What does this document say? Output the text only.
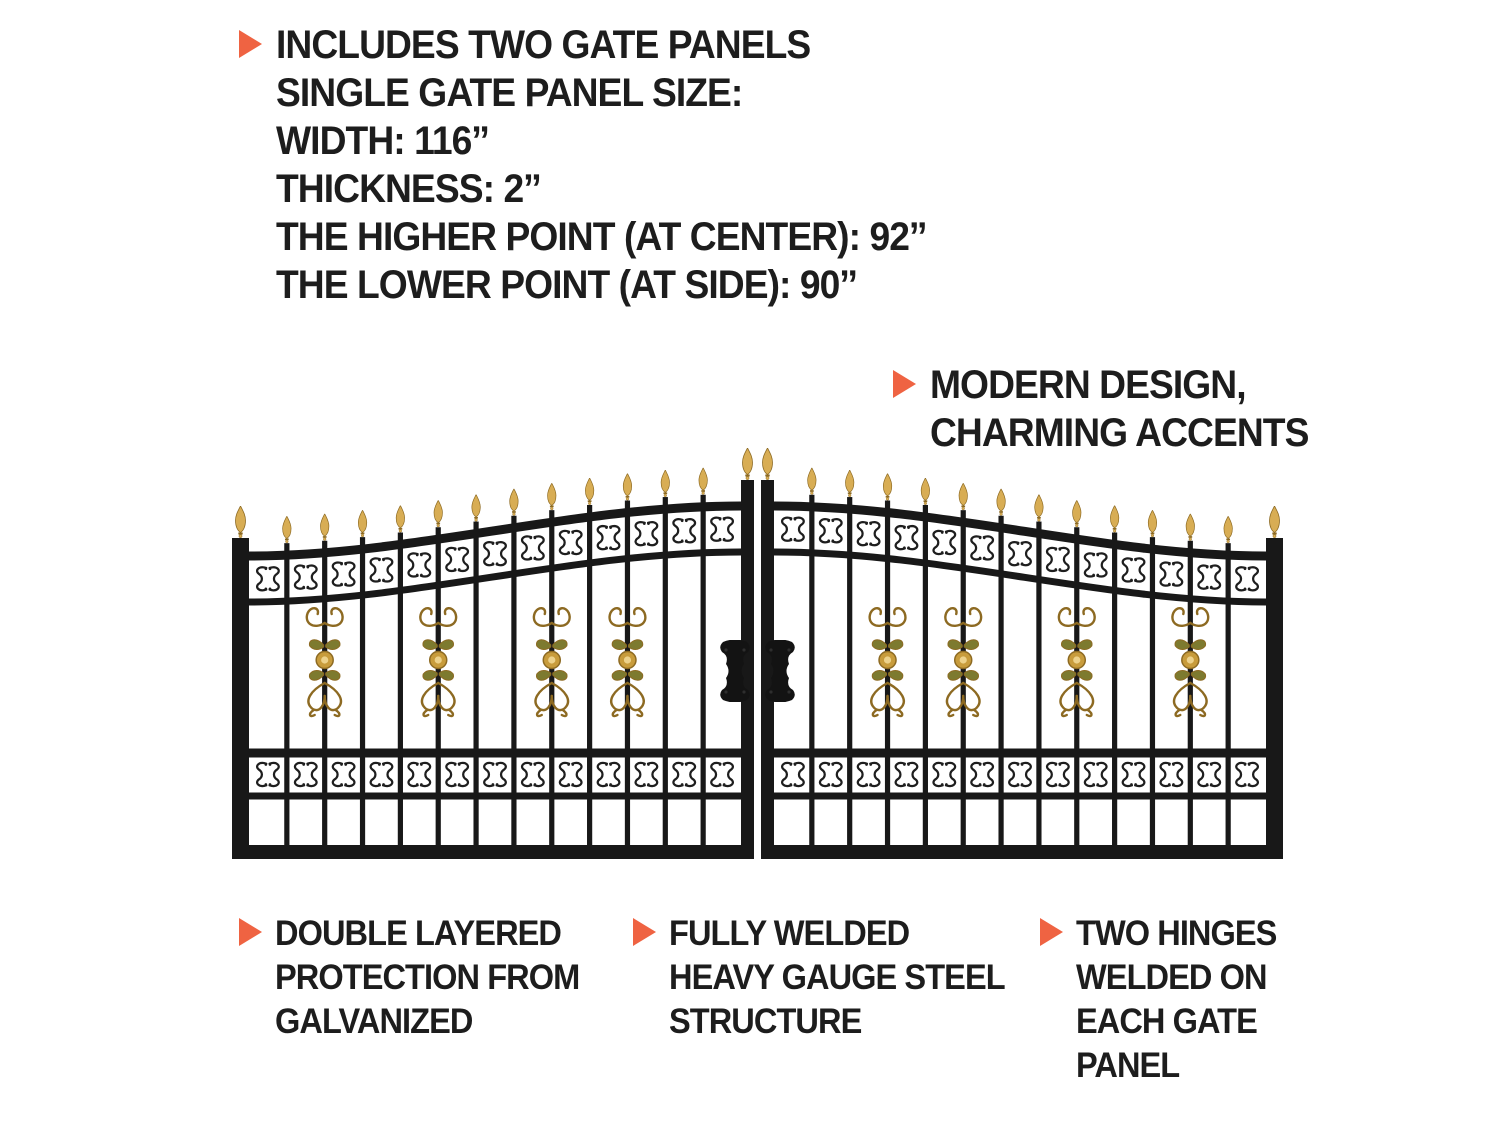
INCLUDES TWO GATE PANELS
SINGLE GATE PANEL SIZE:
WIDTH: 116’’
THICKNESS: 2’’
THE HIGHER POINT (AT CENTER): 92’’
THE LOWER POINT (AT SIDE): 90’’
MODERN DESIGN,
CHARMING ACCENTS
DOUBLE LAYERED
PROTECTION FROM
GALVANIZED
FULLY WELDED
HEAVY GAUGE STEEL
STRUCTURE
TWO HINGES
WELDED ON
EACH GATE
PANEL
